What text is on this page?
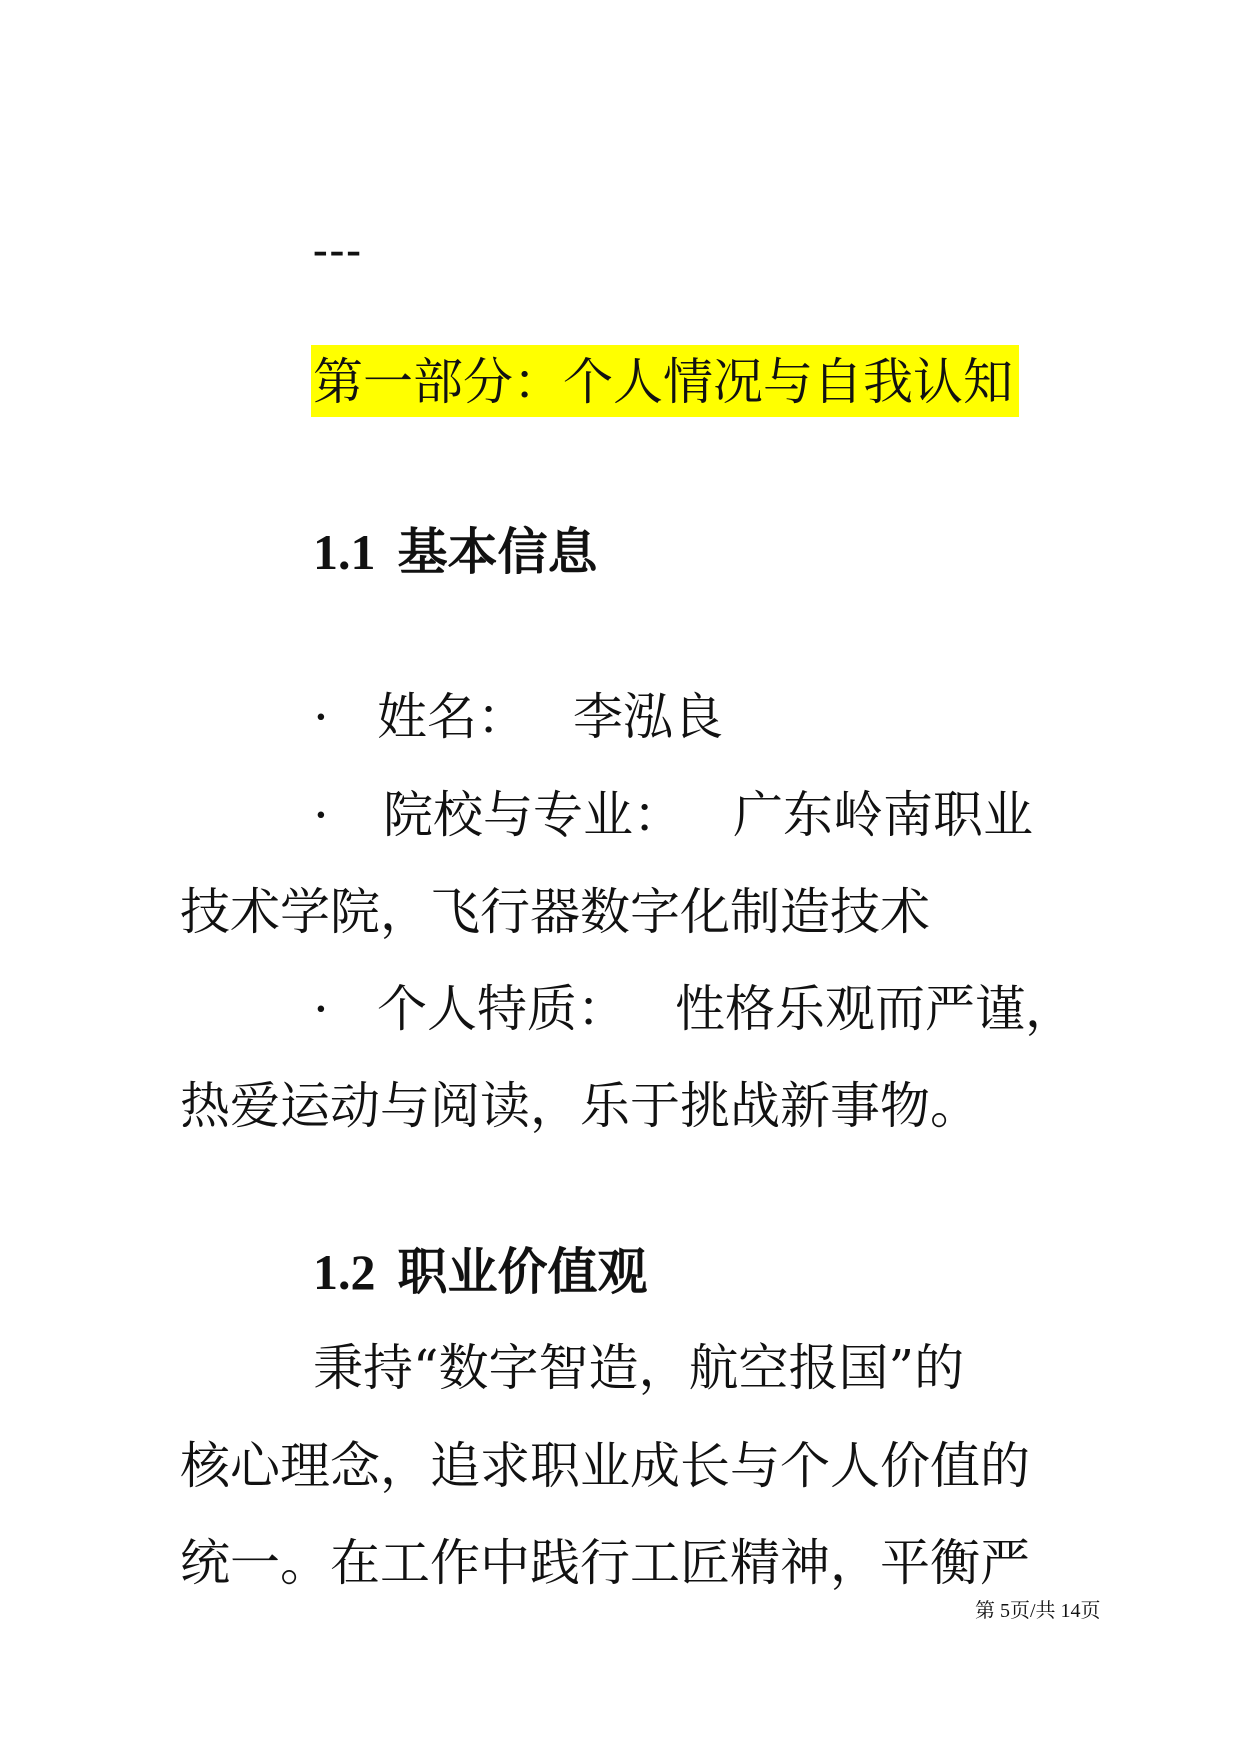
---
第一部分：个人情况与自我认知
1.1 基本信息
· 姓名： 李泓良
· 院校与专业： 广东岭南职业
技术学院，飞行器数字化制造技术
· 个人特质： 性格乐观而严谨，
热爱运动与阅读，乐于挑战新事物。
1.2 职业价值观
秉持“数字智造，航空报国”的
核心理念，追求职业成长与个人价值的
统一。在工作中践行工匠精神，平衡严
第 5页/共 14页
